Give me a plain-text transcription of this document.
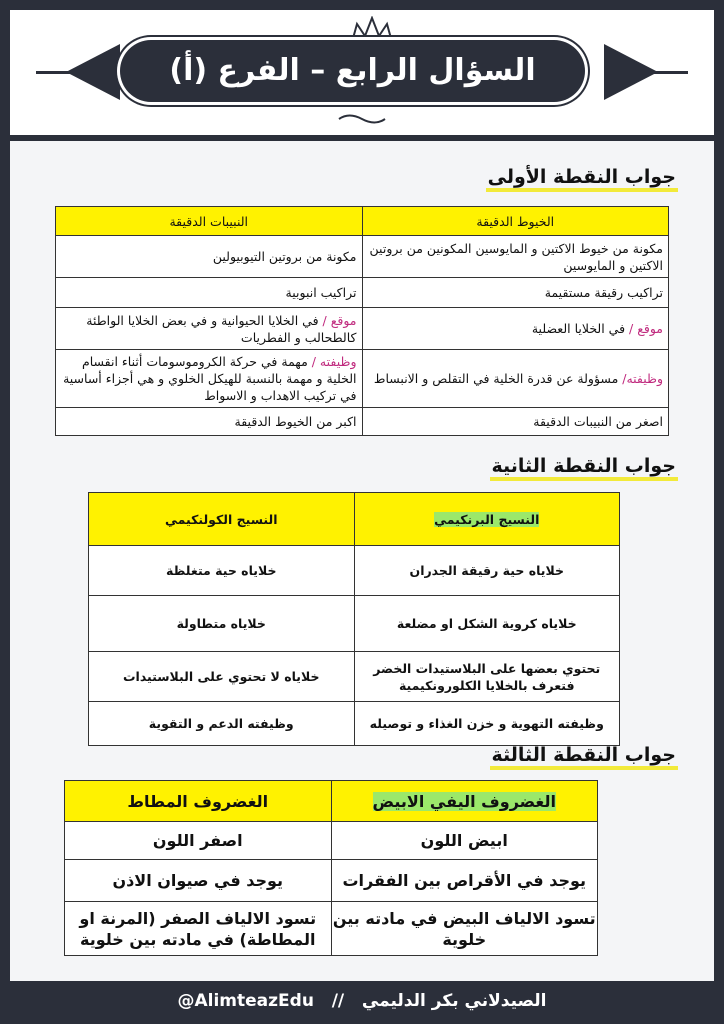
السؤال الرابع – الفرع (أ)
جواب النقطة الأولى
الخيوط الدقيقة	النبيبات الدقيقة
مكونة من خيوط الاكتين و المايوسين المكونين من بروتين الاكتين و المايوسين	مكونة من بروتين التيوبيولين
تراكيب رقيقة مستقيمة	تراكيب انبوبية
موقع / في الخلايا العضلية	موقع / في الخلايا الحيوانية و في بعض الخلايا الواطئة كالطحالب و الفطريات
وظيفته/ مسؤولة عن قدرة الخلية في التقلص و الانبساط	وظيفته / مهمة في حركة الكروموسومات أثناء انقسام الخلية و مهمة بالنسبة للهيكل الخلوي و هي أجزاء أساسية في تركيب الاهداب و الاسواط
اصغر من النبيبات الدقيقة	اكبر من الخيوط الدقيقة
جواب النقطة الثانية
النسيج البرنكيمي	النسيج الكولنكيمي
خلاياه حية رقيقة الجدران	خلاياه حية متغلظة
خلاياه كروية الشكل او مضلعة	خلاياه متطاولة
تحتوي بعضها على البلاستيدات الخضر فتعرف بالخلايا الكلورونكيمية	خلاياه لا تحتوي على البلاستيدات
وظيفته التهوية و خزن الغذاء و توصيله	وظيفته الدعم و التقوية
جواب النقطة الثالثة
الغضروف اليفي الابيض	الغضروف المطاط
ابيض اللون	اصفر اللون
يوجد في الأقراص بين الفقرات	يوجد في صيوان الاذن
تسود الالياف البيض في مادته بين خلوية	تسود الالياف الصفر (المرنة او المطاطة) في مادته بين خلوية
@AlimteazEdu // الصيدلاني بكر الدليمي
